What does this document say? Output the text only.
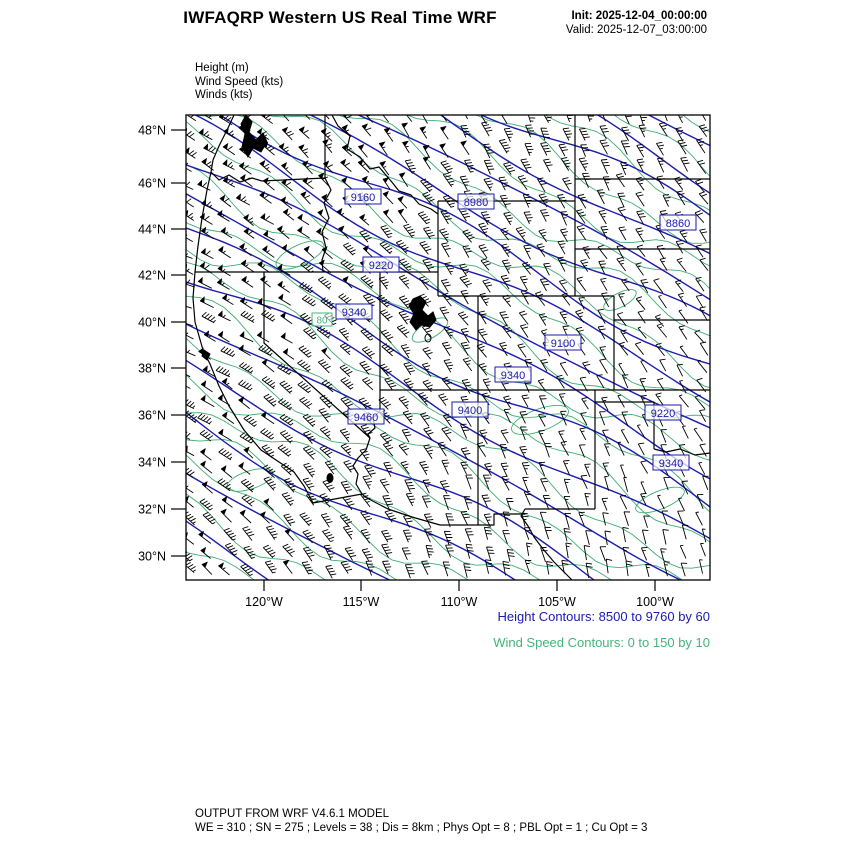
IWFAQRP Western US Real Time WRF	Init: 2025-12-04_00:00:00
Valid: 2025-12-07_03:00:00
Height (m)
Wind Speed (kts)
Winds (kts)
48°N
46°N
44°N
42°N
40°N
38°N
36°N
34°N
32°N
30°N
120°W	115°W	110°W	105°W	100°W
9160	8980
8860
9220
9340
9100
9340
9400
9460	9220
9340
80
Height Contours: 8500 to 9760 by 60
Wind Speed Contours: 0 to 150 by 10
OUTPUT FROM WRF V4.6.1 MODEL
WE = 310 ; SN = 275 ; Levels = 38 ; Dis = 8km ; Phys Opt = 8 ; PBL Opt = 1 ; Cu Opt = 3
